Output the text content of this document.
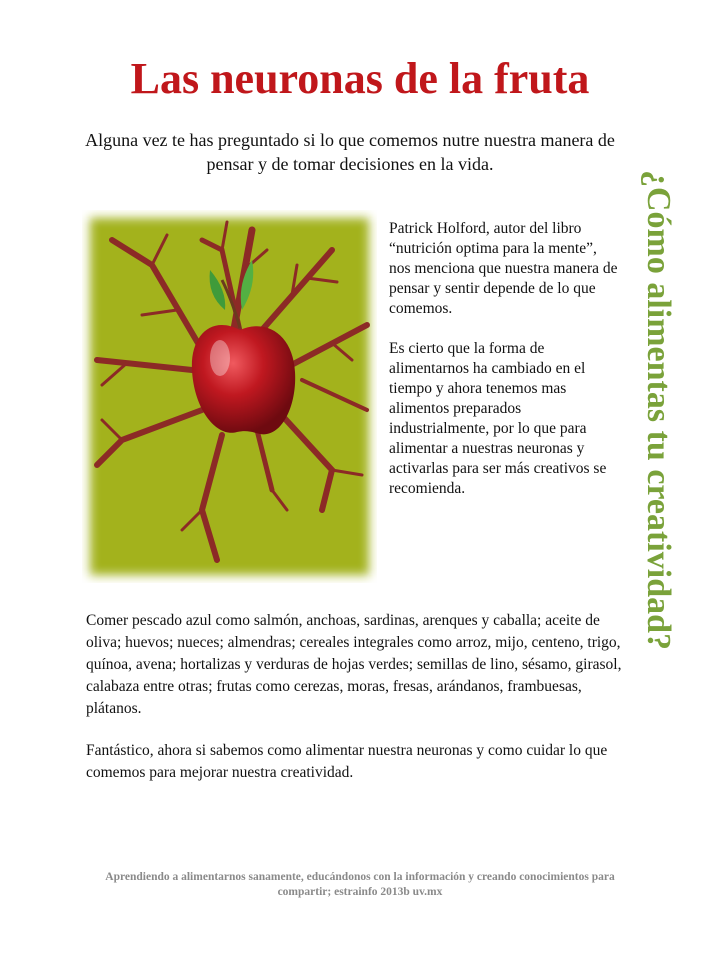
Las neuronas de la fruta

Alguna vez te has preguntado si lo que comemos nutre nuestra manera de pensar y de tomar decisiones en la vida.

Patrick Holford, autor del libro “nutrición optima para la mente”, nos menciona que nuestra manera de pensar y sentir depende de lo que comemos.

Es cierto que la forma de alimentarnos ha cambiado en el tiempo y ahora tenemos mas alimentos preparados industrialmente, por lo que para alimentar a nuestras neuronas y activarlas para ser más creativos se recomienda.

Comer pescado azul como salmón, anchoas, sardinas, arenques y caballa; aceite de oliva; huevos; nueces; almendras; cereales integrales como arroz, mijo, centeno, trigo, quínoa, avena; hortalizas y verduras de hojas verdes; semillas de lino, sésamo, girasol, calabaza entre otras; frutas como cerezas, moras, fresas, arándanos, frambuesas, plátanos.

Fantástico, ahora si sabemos como alimentar nuestra neuronas y como cuidar lo que comemos para mejorar nuestra creatividad.

¿Cómo alimentas tu creatividad?

Aprendiendo a alimentarnos sanamente, educándonos con la información y creando conocimientos para compartir; estrainfo 2013b uv.mx
